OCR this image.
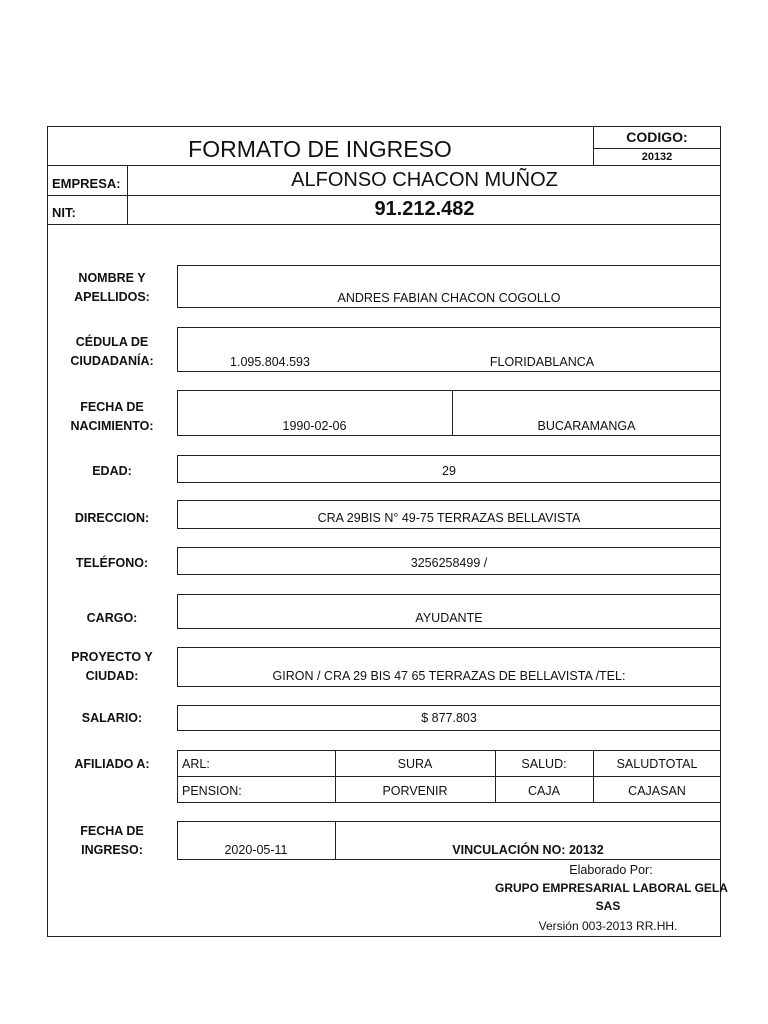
FORMATO DE INGRESO	CODIGO:
20132
EMPRESA:	ALFONSO CHACON MUÑOZ
NIT:	91.212.482
NOMBRE Y
APELLIDOS:	ANDRES FABIAN CHACON COGOLLO
CÉDULA DE
CIUDADANÍA:	1.095.804.593	FLORIDABLANCA
FECHA DE
NACIMIENTO:	1990-02-06	BUCARAMANGA
EDAD:	29
DIRECCION:	CRA 29BIS N° 49-75 TERRAZAS BELLAVISTA
TELÉFONO:	3256258499 /
CARGO:	AYUDANTE
PROYECTO Y
CIUDAD:	GIRON / CRA 29 BIS 47 65 TERRAZAS DE BELLAVISTA /TEL:
SALARIO:	$ 877.803
AFILIADO A:	ARL:	SURA	SALUD:	SALUDTOTAL
PENSION:	PORVENIR	CAJA	CAJASAN
FECHA DE
INGRESO:	2020-05-11	VINCULACIÓN NO: 20132
Elaborado Por:
GRUPO EMPRESARIAL LABORAL GELA
SAS
Versión 003-2013 RR.HH.
